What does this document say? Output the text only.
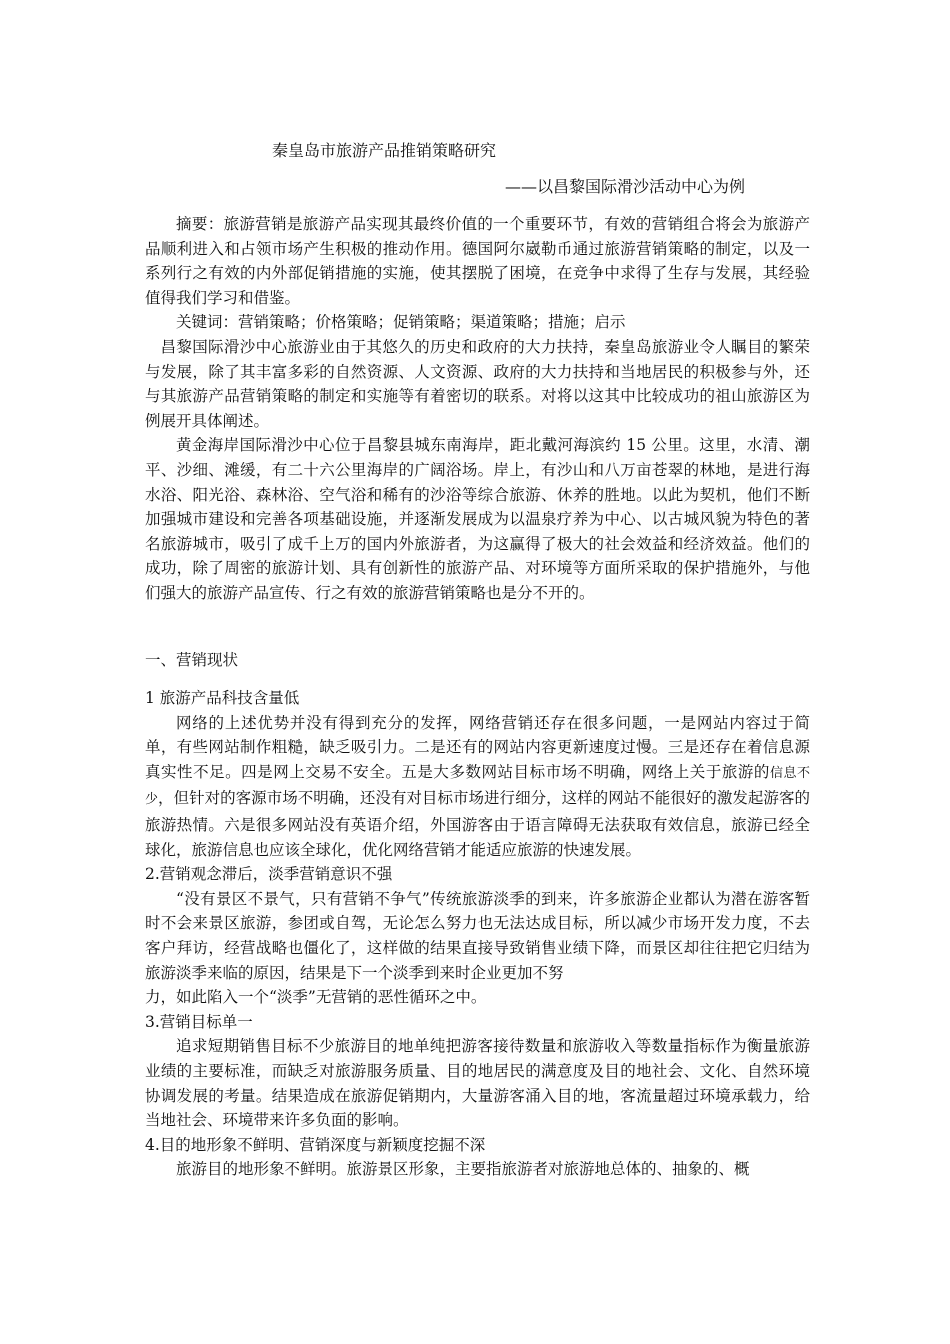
秦皇岛市旅游产品推销策略研究
——以昌黎国际滑沙活动中心为例

摘要：旅游营销是旅游产品实现其最终价值的一个重要环节，有效的营销组合将会为旅游产品顺利进入和占领市场产生积极的推动作用。德国阿尔崴勒币通过旅游营销策略的制定，以及一系列行之有效的内外部促销措施的实施，使其摆脱了困境，在竞争中求得了生存与发展，其经验值得我们学习和借鉴。

关键词：营销策略；价格策略；促销策略；渠道策略；措施；启示

昌黎国际滑沙中心旅游业由于其悠久的历史和政府的大力扶持，秦皇岛旅游业令人瞩目的繁荣与发展，除了其丰富多彩的自然资源、人文资源、政府的大力扶持和当地居民的积极参与外，还与其旅游产品营销策略的制定和实施等有着密切的联系。对将以这其中比较成功的祖山旅游区为例展开具体阐述。

黄金海岸国际滑沙中心位于昌黎县城东南海岸，距北戴河海滨约 15 公里。这里，水清、潮平、沙细、滩缓，有二十六公里海岸的广阔浴场。岸上，有沙山和八万亩苍翠的林地，是进行海水浴、阳光浴、森林浴、空气浴和稀有的沙浴等综合旅游、休养的胜地。以此为契机，他们不断加强城市建设和完善各项基础设施，并逐渐发展成为以温泉疗养为中心、以古城风貌为特色的著名旅游城市，吸引了成千上万的国内外旅游者，为这赢得了极大的社会效益和经济效益。他们的成功，除了周密的旅游计划、具有创新性的旅游产品、对环境等方面所采取的保护措施外，与他们强大的旅游产品宣传、行之有效的旅游营销策略也是分不开的。

一、营销现状

1 旅游产品科技含量低

网络的上述优势并没有得到充分的发挥，网络营销还存在很多问题，一是网站内容过于简单，有些网站制作粗糙，缺乏吸引力。二是还有的网站内容更新速度过慢。三是还存在着信息源真实性不足。四是网上交易不安全。五是大多数网站目标市场不明确，网络上关于旅游的信息不少，但针对的客源市场不明确，还没有对目标市场进行细分，这样的网站不能很好的激发起游客的旅游热情。六是很多网站没有英语介绍，外国游客由于语言障碍无法获取有效信息，旅游已经全球化，旅游信息也应该全球化，优化网络营销才能适应旅游的快速发展。

2.营销观念滞后，淡季营销意识不强

“没有景区不景气，只有营销不争气”传统旅游淡季的到来，许多旅游企业都认为潜在游客暂时不会来景区旅游，参团或自驾，无论怎么努力也无法达成目标，所以减少市场开发力度，不去客户拜访，经营战略也僵化了，这样做的结果直接导致销售业绩下降，而景区却往往把它归结为旅游淡季来临的原因，结果是下一个淡季到来时企业更加不努

力，如此陷入一个“淡季”无营销的恶性循环之中。

3.营销目标单一

追求短期销售目标不少旅游目的地单纯把游客接待数量和旅游收入等数量指标作为衡量旅游业绩的主要标准，而缺乏对旅游服务质量、目的地居民的满意度及目的地社会、文化、自然环境协调发展的考量。结果造成在旅游促销期内，大量游客涌入目的地，客流量超过环境承载力，给当地社会、环境带来许多负面的影响。

4.目的地形象不鲜明、营销深度与新颖度挖掘不深

旅游目的地形象不鲜明。旅游景区形象，主要指旅游者对旅游地总体的、抽象的、概
